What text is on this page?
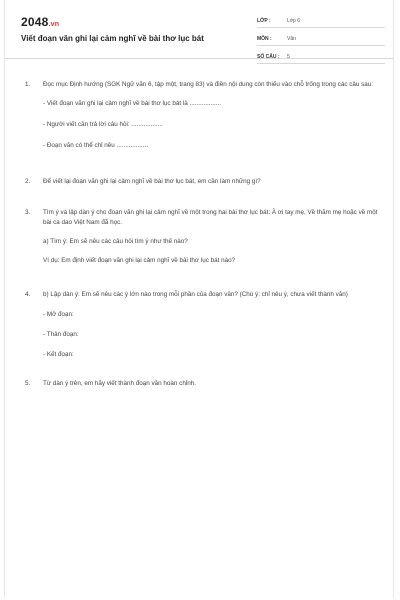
2048.vn
Viết đoạn văn ghi lại cảm nghĩ về bài thơ lục bát
LỚP :	Lớp 6
MÔN :	Văn
SỐ CÂU :	5
1.	Đọc mục Định hướng (SGK Ngữ văn 6, tập một, trang 83) và điền nội dung còn thiếu vào chỗ trống trong các câu sau:
- Viết đoạn văn ghi lại cảm nghĩ về bài thơ lục bát là ..................
- Người viết cần trả lời câu hỏi: ..................
- Đoạn văn có thể chỉ nêu ..................
2.	Để viết lại đoạn văn ghi lại cảm nghĩ về bài thơ lục bát, em cần làm những gì?
3.	Tìm ý và lập dàn ý cho đoạn văn ghi lại cảm nghĩ về một trong hai bài thơ lục bát: À ơi tay mẹ, Về thăm mẹ hoặc về một bài ca dao Việt Nam đã học.
a) Tìm ý: Em sẽ nêu các câu hỏi tìm ý như thế nào?
Ví dụ: Em định viết đoạn văn ghi lại cảm nghĩ về bài thơ lục bát nào?
4.	b) Lập dàn ý: Em sẽ nêu các ý lớn nào trong mỗi phần của đoạn văn? (Chú ý: chỉ nêu ý, chưa viết thành văn)
- Mở đoạn:
- Thân đoạn:
- Kết đoạn:
5.	Từ dàn ý trên, em hãy viết thành đoạn văn hoàn chỉnh.
